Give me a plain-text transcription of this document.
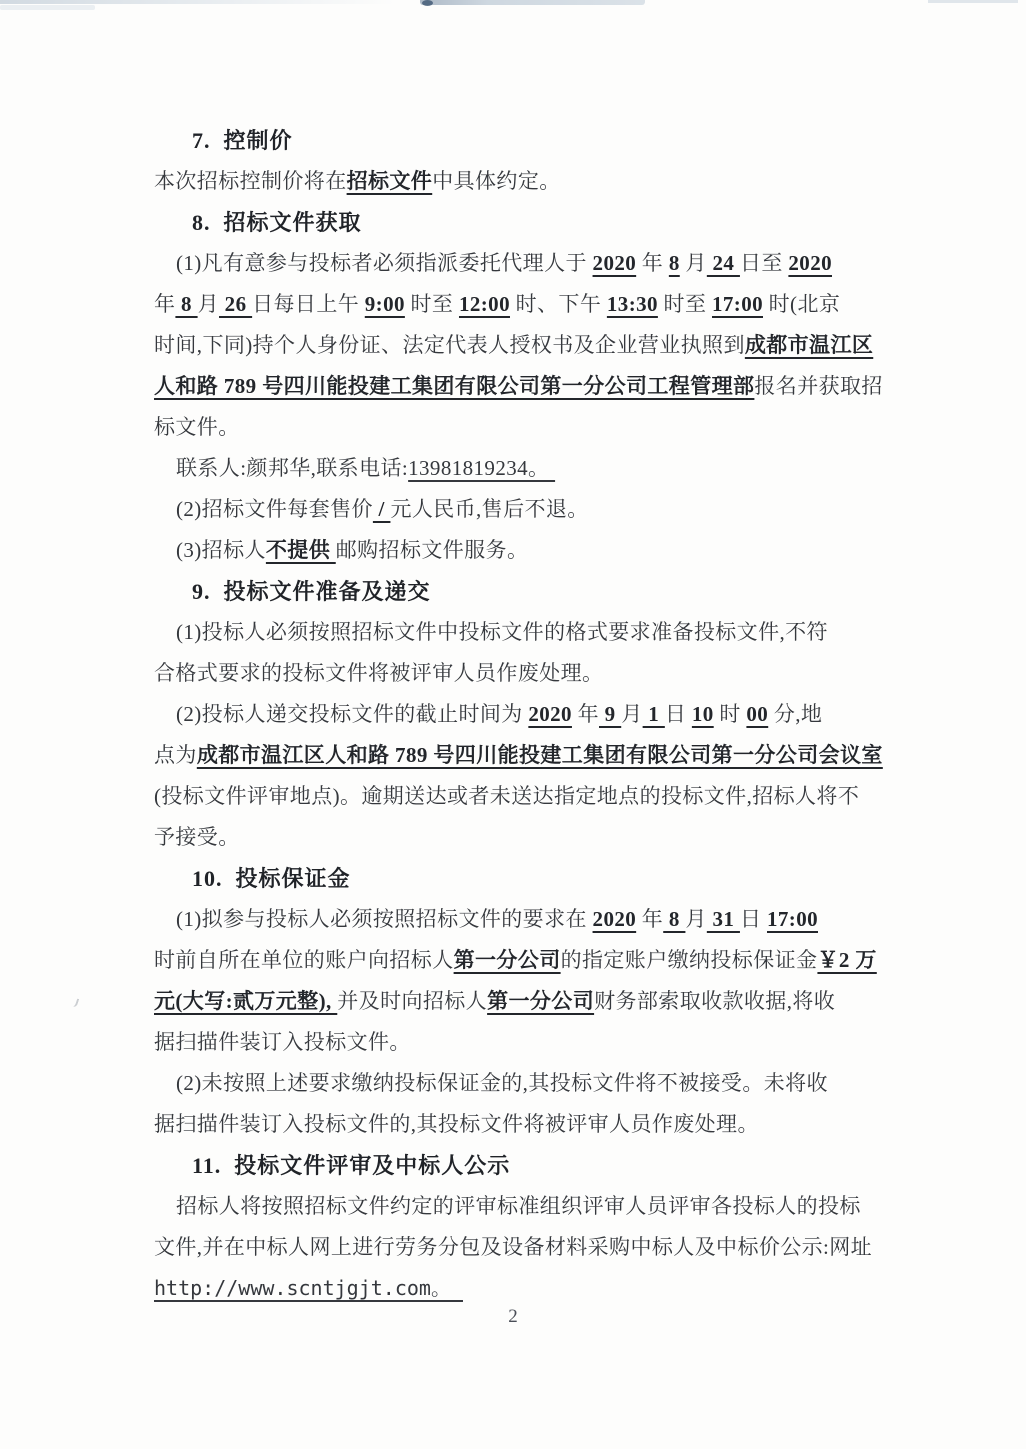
7.  控制价
本次招标控制价将在招标文件中具体约定。
8.  招标文件获取
(1)凡有意参与投标者必须指派委托代理人于 2020 年 8 月 24 日至 2020
年 8 月 26 日每日上午 9:00 时至 12:00 时、下午 13:30 时至 17:00 时(北京
时间,下同)持个人身份证、法定代表人授权书及企业营业执照到成都市温江区
人和路 789 号四川能投建工集团有限公司第一分公司工程管理部报名并获取招
标文件。
联系人:颜邦华,联系电话:13981819234。
(2)招标文件每套售价 / 元人民币,售后不退。
(3)招标人不提供 邮购招标文件服务。
9.  投标文件准备及递交
(1)投标人必须按照招标文件中投标文件的格式要求准备投标文件,不符
合格式要求的投标文件将被评审人员作废处理。
(2)投标人递交投标文件的截止时间为 2020 年 9 月 1 日 10 时 00 分,地
点为成都市温江区人和路 789 号四川能投建工集团有限公司第一分公司会议室
(投标文件评审地点)。逾期送达或者未送达指定地点的投标文件,招标人将不
予接受。
10.  投标保证金
(1)拟参与投标人必须按照招标文件的要求在 2020 年 8 月 31 日 17:00
时前自所在单位的账户向招标人第一分公司的指定账户缴纳投标保证金￥2 万
元(大写:贰万元整), 并及时向招标人第一分公司财务部索取收款收据,将收
据扫描件装订入投标文件。
(2)未按照上述要求缴纳投标保证金的,其投标文件将不被接受。未将收
据扫描件装订入投标文件的,其投标文件将被评审人员作废处理。
11.  投标文件评审及中标人公示
招标人将按照招标文件约定的评审标准组织评审人员评审各投标人的投标
文件,并在中标人网上进行劳务分包及设备材料采购中标人及中标价公示:网址
http://www.scntjgjt.com。
2
